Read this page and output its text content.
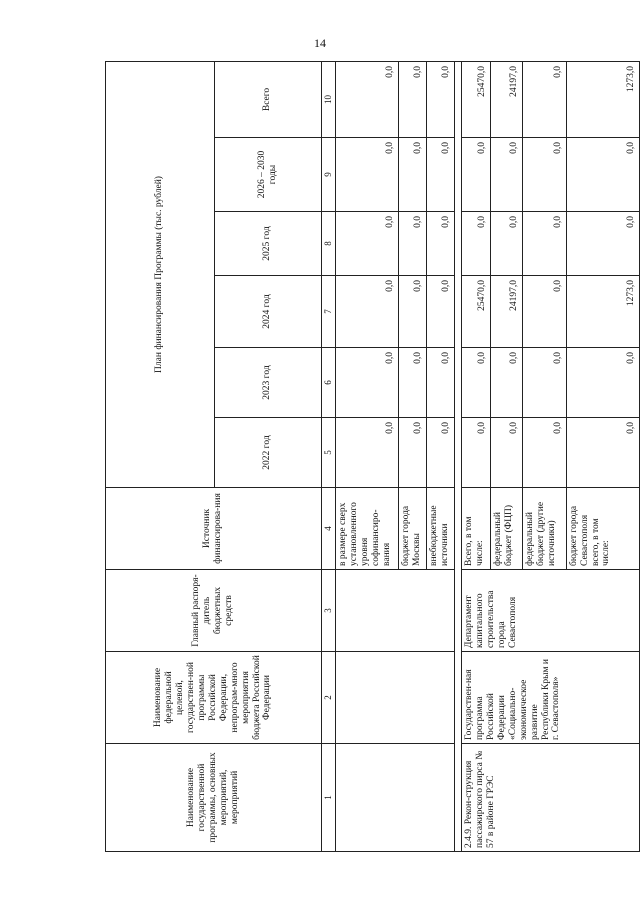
14
Наименование государственной программы, основных мероприятий, мероприятий	Наименование федеральной целевой, государствен-ной программы Российской Федерации, непрограм-много мероприятия бюджета Российской Федерации	Главный распоря-дитель бюджетных средств	Источник финансирова-ния	План финансирования Программы (тыс. рублей)					
				2022 год	2023 год	2024 год	2025 год	2026 – 2030 годы	Всего
1	2	3	4	5	6	7	8	9	10
			в размере сверх установленного уровня софинансиро-вания	0,0	0,0	0,0	0,0	0,0	0,0
			бюджет города Москвы	0,0	0,0	0,0	0,0	0,0	0,0
			внебюджетные источники	0,0	0,0	0,0	0,0	0,0	0,0

2.4.9. Рекон-струкция пассажирского пирса № 57 в районе ГРЭС	Государствен-ная программа Российской Федерации «Социально-экономическое развитие Республики Крым и г. Севастополя»	Департамент капитального строительства города Севастополя	Всего, в том числе:	0,0	0,0	25470,0	0,0	0,0	25470,0
			федеральный бюджет (ФЦП)	0,0	0,0	24197,0	0,0	0,0	24197,0
			федеральный бюджет (другие источники)	0,0	0,0	0,0	0,0	0,0	0,0
			бюджет города Севастополя всего, в том числе:	0,0	0,0	1273,0	0,0	0,0	1273,0
